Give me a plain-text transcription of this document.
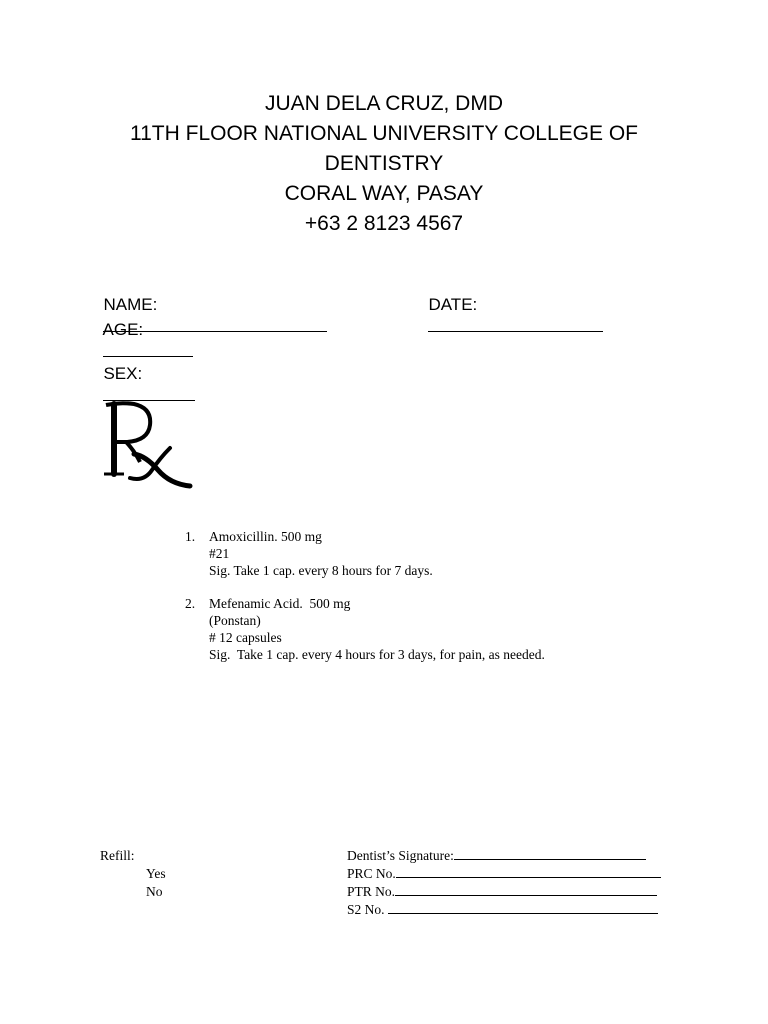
JUAN DELA CRUZ, DMD
11TH FLOOR NATIONAL UNIVERSITY COLLEGE OF
DENTISTRY
CORAL WAY, PASAY
+63 2 8123 4567

NAME:
	DATE:

AGE:

SEX:

1. Amoxicillin. 500 mg
#21
Sig. Take 1 cap. every 8 hours for 7 days.
2. Mefenamic Acid.  500 mg
(Ponstan)
# 12 capsules
Sig.  Take 1 cap. every 4 hours for 3 days, for pain, as needed.
Refill:
Yes
No
Dentist’s Signature:
PRC No.
PTR No.
S2 No.
